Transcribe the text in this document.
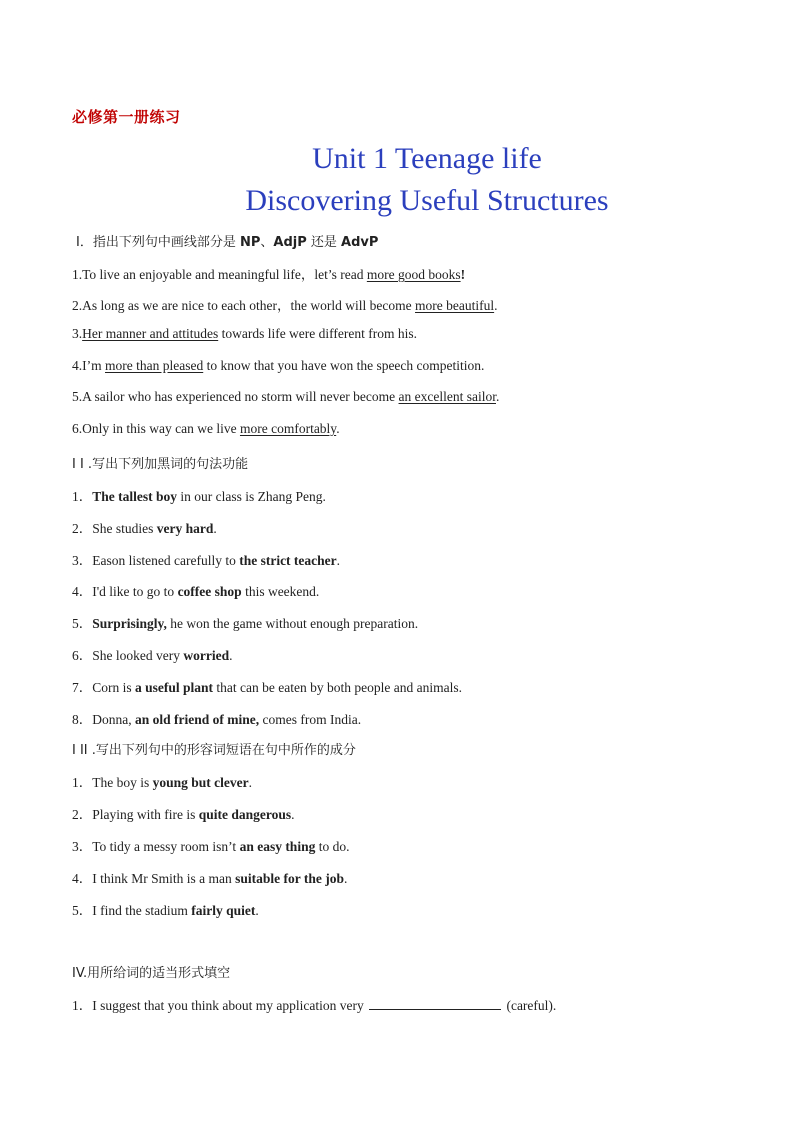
必修第一册练习
Unit 1 Teenage life
Discovering Useful Structures
Ⅰ．指出下列句中画线部分是 NP、AdjP 还是 AdvP
1.To live an enjoyable and meaningful life，let’s read more good books!
2.As long as we are nice to each other，the world will become more beautiful.
3.Her manner and attitudes towards life were different from his.
4.I’m more than pleased to know that you have won the speech competition.
5.A sailor who has experienced no storm will never become an excellent sailor.
6.Only in this way can we live more comfortably.
I I .写出下列加黑词的句法功能
1．The tallest boy in our class is Zhang Peng.
2．She studies very hard.
3．Eason listened carefully to the strict teacher.
4．I'd like to go to coffee shop this weekend.
5．Surprisingly, he won the game without enough preparation.
6．She looked very worried.
7．Corn is a useful plant that can be eaten by both people and animals.
8．Donna, an old friend of mine, comes from India.
I II .写出下列句中的形容词短语在句中所作的成分
1．The boy is young but clever.
2．Playing with fire is quite dangerous.
3．To tidy a messy room isn’t an easy thing to do.
4．I think Mr Smith is a man suitable for the job.
5．I find the stadium fairly quiet.
IV.用所给词的适当形式填空
1．I suggest that you think about my application very	(careful).
